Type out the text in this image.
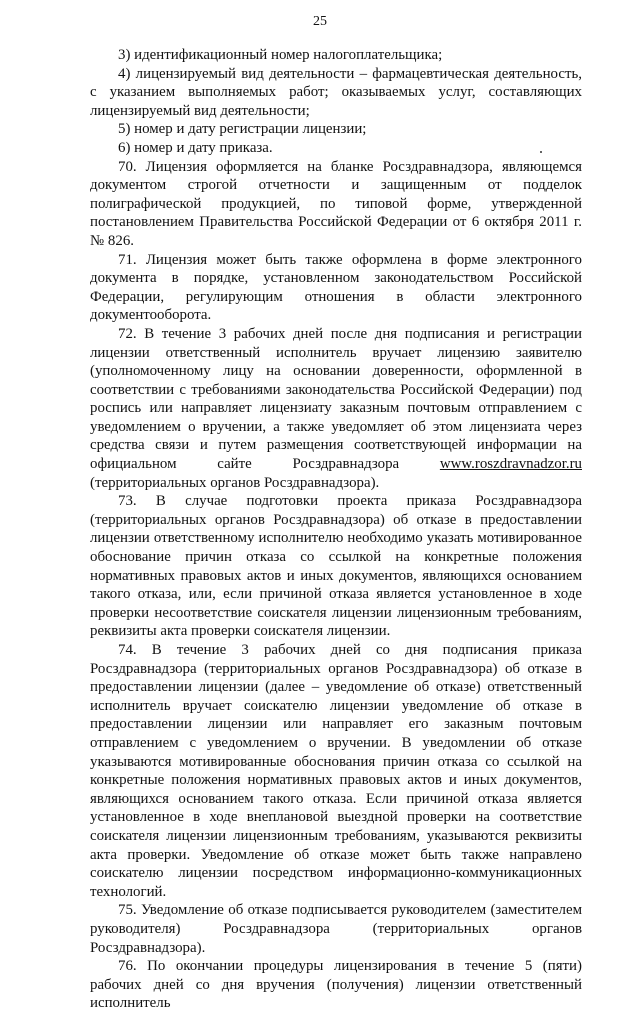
25

3) идентификационный номер налогоплательщика;

4) лицензируемый вид деятельности – фармацевтическая деятельность, с указанием выполняемых работ; оказываемых услуг, составляющих лицензируемый вид деятельности;

5) номер и дату регистрации лицензии;

6) номер и дату приказа.

70. Лицензия оформляется на бланке Росздравнадзора, являющемся документом строгой отчетности и защищенным от подделок полиграфической продукцией, по типовой форме, утвержденной постановлением Правительства Российской Федерации от 6 октября 2011 г. № 826.

71. Лицензия может быть также оформлена в форме электронного документа в порядке, установленном законодательством Российской Федерации, регулирующим отношения в области электронного документооборота.

72. В течение 3 рабочих дней после дня подписания и регистрации лицензии ответственный исполнитель вручает лицензию заявителю (уполномоченному лицу на основании доверенности, оформленной в соответствии с требованиями законодательства Российской Федерации) под роспись или направляет лицензиату заказным почтовым отправлением с уведомлением о вручении, а также уведомляет об этом лицензиата через средства связи и путем размещения соответствующей информации на официальном сайте Росздравнадзора www.roszdravnadzor.ru (территориальных органов Росздравнадзора).

73. В случае подготовки проекта приказа Росздравнадзора (территориальных органов Росздравнадзора) об отказе в предоставлении лицензии ответственному исполнителю необходимо указать мотивированное обоснование причин отказа со ссылкой на конкретные положения нормативных правовых актов и иных документов, являющихся основанием такого отказа, или, если причиной отказа является установленное в ходе проверки несоответствие соискателя лицензии лицензионным требованиям, реквизиты акта проверки соискателя лицензии.

74. В течение 3 рабочих дней со дня подписания приказа Росздравнадзора (территориальных органов Росздравнадзора) об отказе в предоставлении лицензии (далее – уведомление об отказе) ответственный исполнитель вручает соискателю лицензии уведомление об отказе в предоставлении лицензии или направляет его заказным почтовым отправлением с уведомлением о вручении. В уведомлении об отказе указываются мотивированные обоснования причин отказа со ссылкой на конкретные положения нормативных правовых актов и иных документов, являющихся основанием такого отказа. Если причиной отказа является установленное в ходе внеплановой выездной проверки на соответствие соискателя лицензии лицензионным требованиям, указываются реквизиты акта проверки. Уведомление об отказе может быть также направлено соискателю лицензии посредством информационно-коммуникационных технологий.

75. Уведомление об отказе подписывается руководителем (заместителем руководителя) Росздравнадзора (территориальных органов Росздравнадзора).

76. По окончании процедуры лицензирования в течение 5 (пяти) рабочих дней со дня вручения (получения) лицензии ответственный исполнитель
